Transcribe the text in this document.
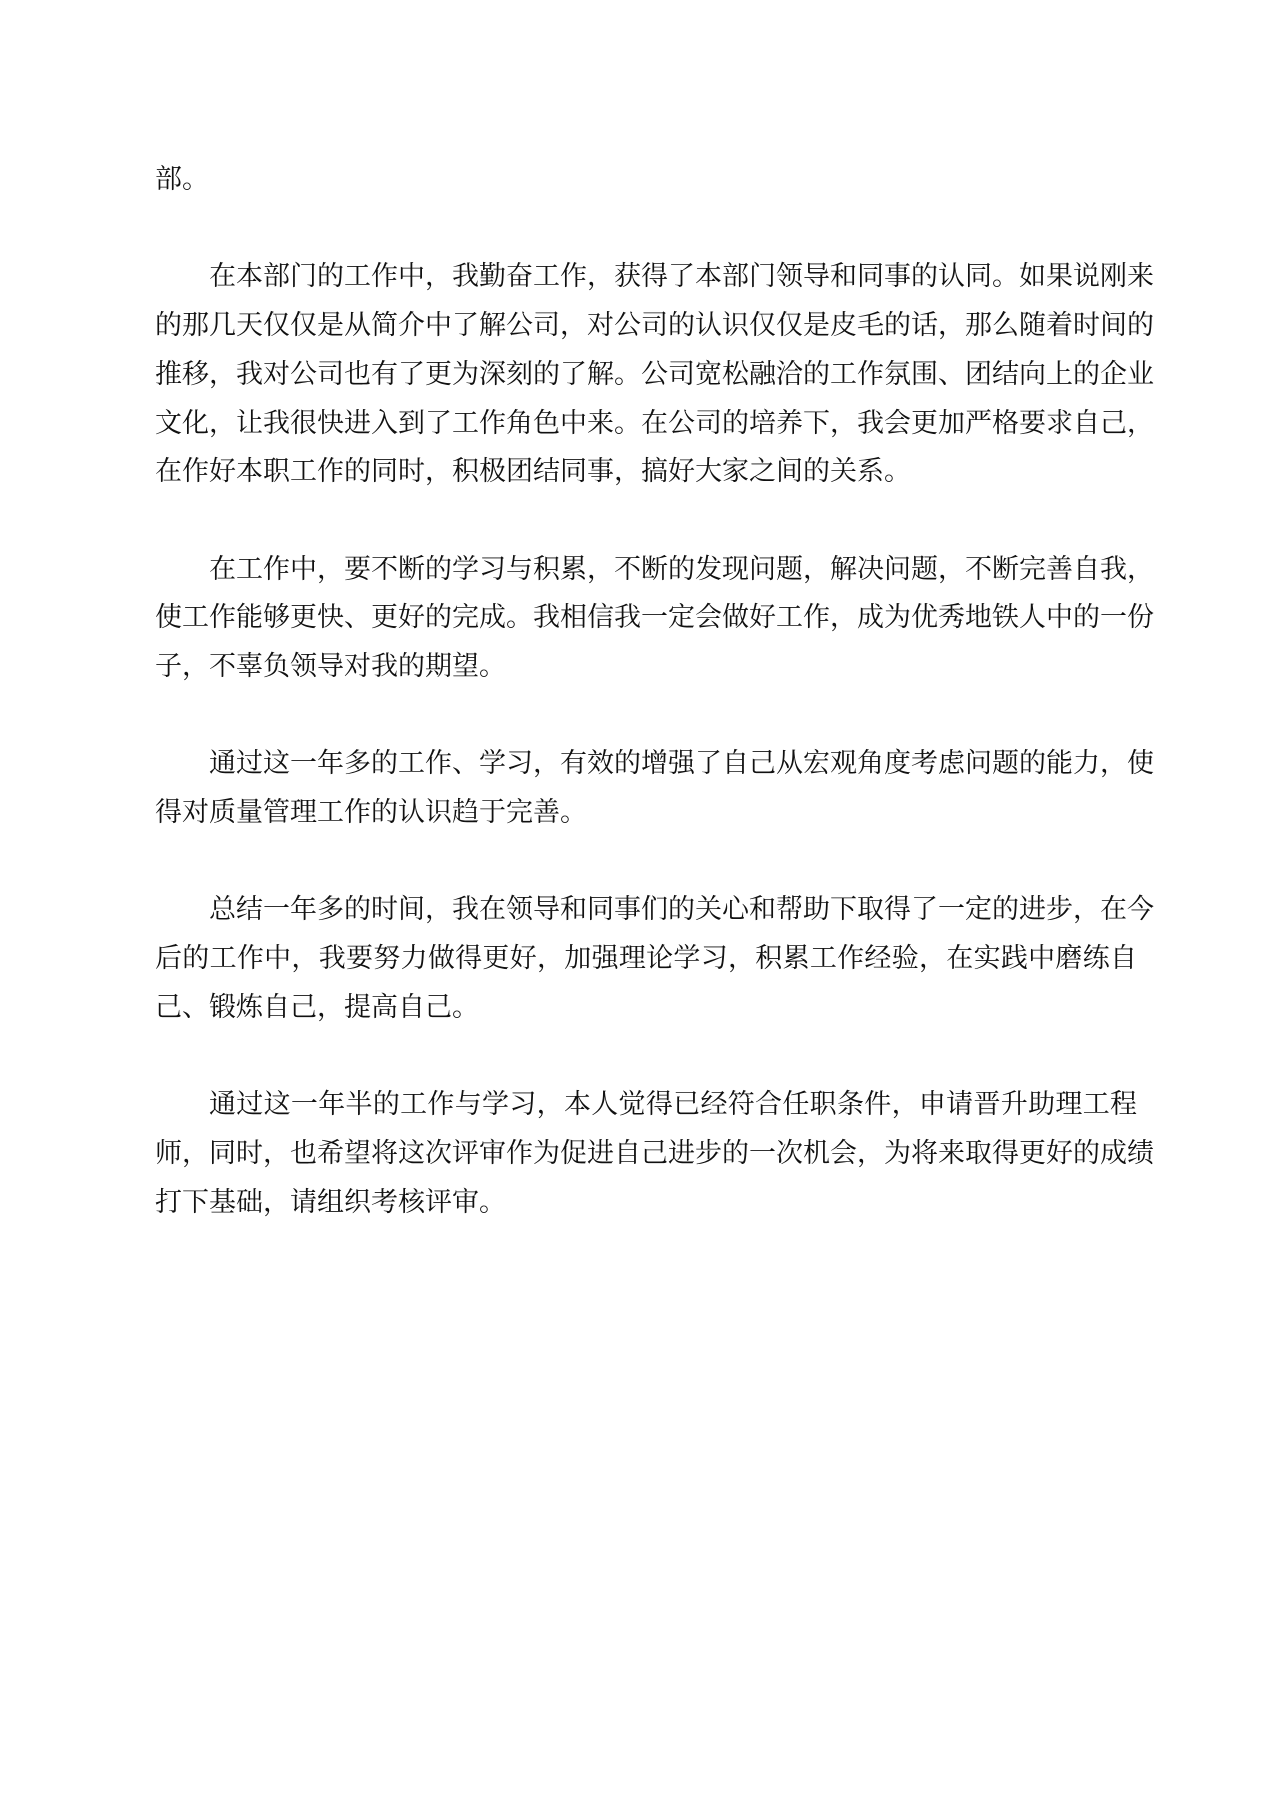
部。
在本部门的工作中，我勤奋工作，获得了本部门领导和同事的认同。如果说刚来
的那几天仅仅是从简介中了解公司，对公司的认识仅仅是皮毛的话，那么随着时间的
推移，我对公司也有了更为深刻的了解。公司宽松融洽的工作氛围、团结向上的企业
文化，让我很快进入到了工作角色中来。在公司的培养下，我会更加严格要求自己，
在作好本职工作的同时，积极团结同事，搞好大家之间的关系。
在工作中，要不断的学习与积累，不断的发现问题，解决问题，不断完善自我，
使工作能够更快、更好的完成。我相信我一定会做好工作，成为优秀地铁人中的一份
子，不辜负领导对我的期望。
通过这一年多的工作、学习，有效的增强了自己从宏观角度考虑问题的能力，使
得对质量管理工作的认识趋于完善。
总结一年多的时间，我在领导和同事们的关心和帮助下取得了一定的进步，在今
后的工作中，我要努力做得更好，加强理论学习，积累工作经验，在实践中磨练自
己、锻炼自己，提高自己。
通过这一年半的工作与学习，本人觉得已经符合任职条件，申请晋升助理工程
师，同时，也希望将这次评审作为促进自己进步的一次机会，为将来取得更好的成绩
打下基础，请组织考核评审。
